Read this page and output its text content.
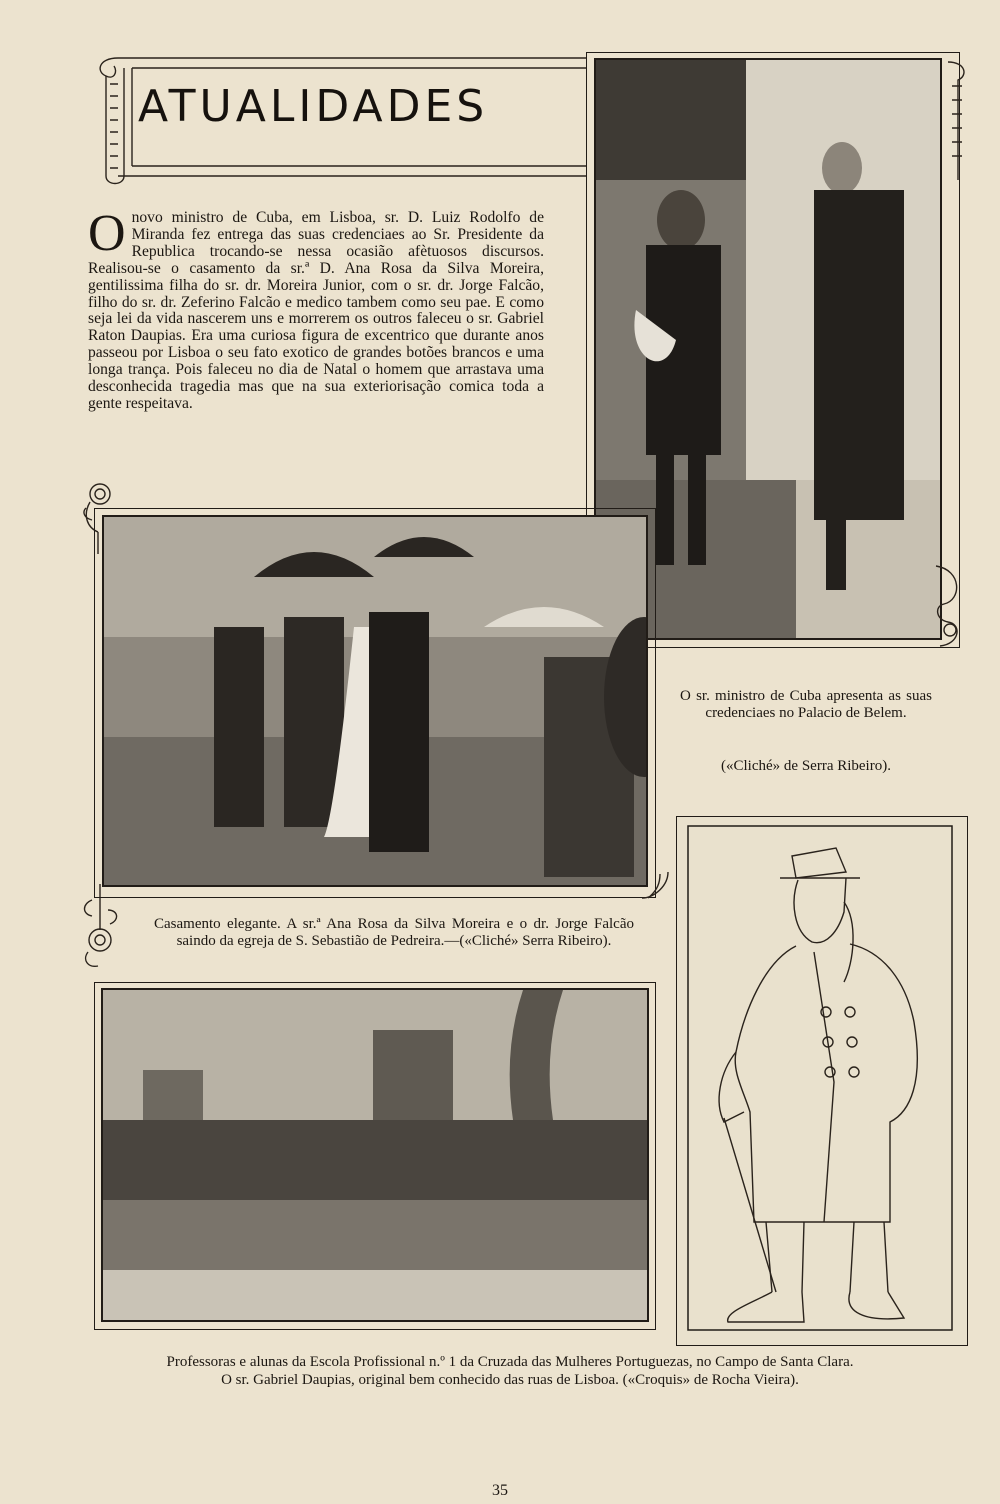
ATUALIDADES
O novo ministro de Cuba, em Lisboa, sr. D. Luiz Rodolfo de Miranda fez entrega das suas credenciaes ao Sr. Presidente da Republica trocando-se nessa ocasião afètuosos discursos. Realisou-se o casamento da sr.ª D. Ana Rosa da Silva Moreira, gentilissima filha do sr. dr. Moreira Junior, com o sr. dr. Jorge Falcão, filho do sr. dr. Zeferino Falcão e medico tambem como seu pae. E como seja lei da vida nascerem uns e morrerem os outros faleceu o sr. Gabriel Raton Daupias. Era uma curiosa figura de excentrico que durante anos passeou por Lisboa o seu fato exotico de grandes botões brancos e uma longa trança. Pois faleceu no dia de Natal o homem que arrastava uma desconhecida tragedia mas que na sua exteriorisação comica toda a gente respeitava.
O sr. ministro de Cuba apresenta as suas credenciaes no Palacio de Belem.
(«Cliché» de Serra Ribeiro).
Casamento elegante. A sr.ª Ana Rosa da Silva Moreira e o dr. Jorge Falcão saindo da egreja de S. Sebastião de Pedreira.—(«Cliché» Serra Ribeiro).
Professoras e alunas da Escola Profissional n.º 1 da Cruzada das Mulheres Portuguezas, no Campo de Santa Clara.
O sr. Gabriel Daupias, original bem conhecido das ruas de Lisboa. («Croquis» de Rocha Vieira).
35
